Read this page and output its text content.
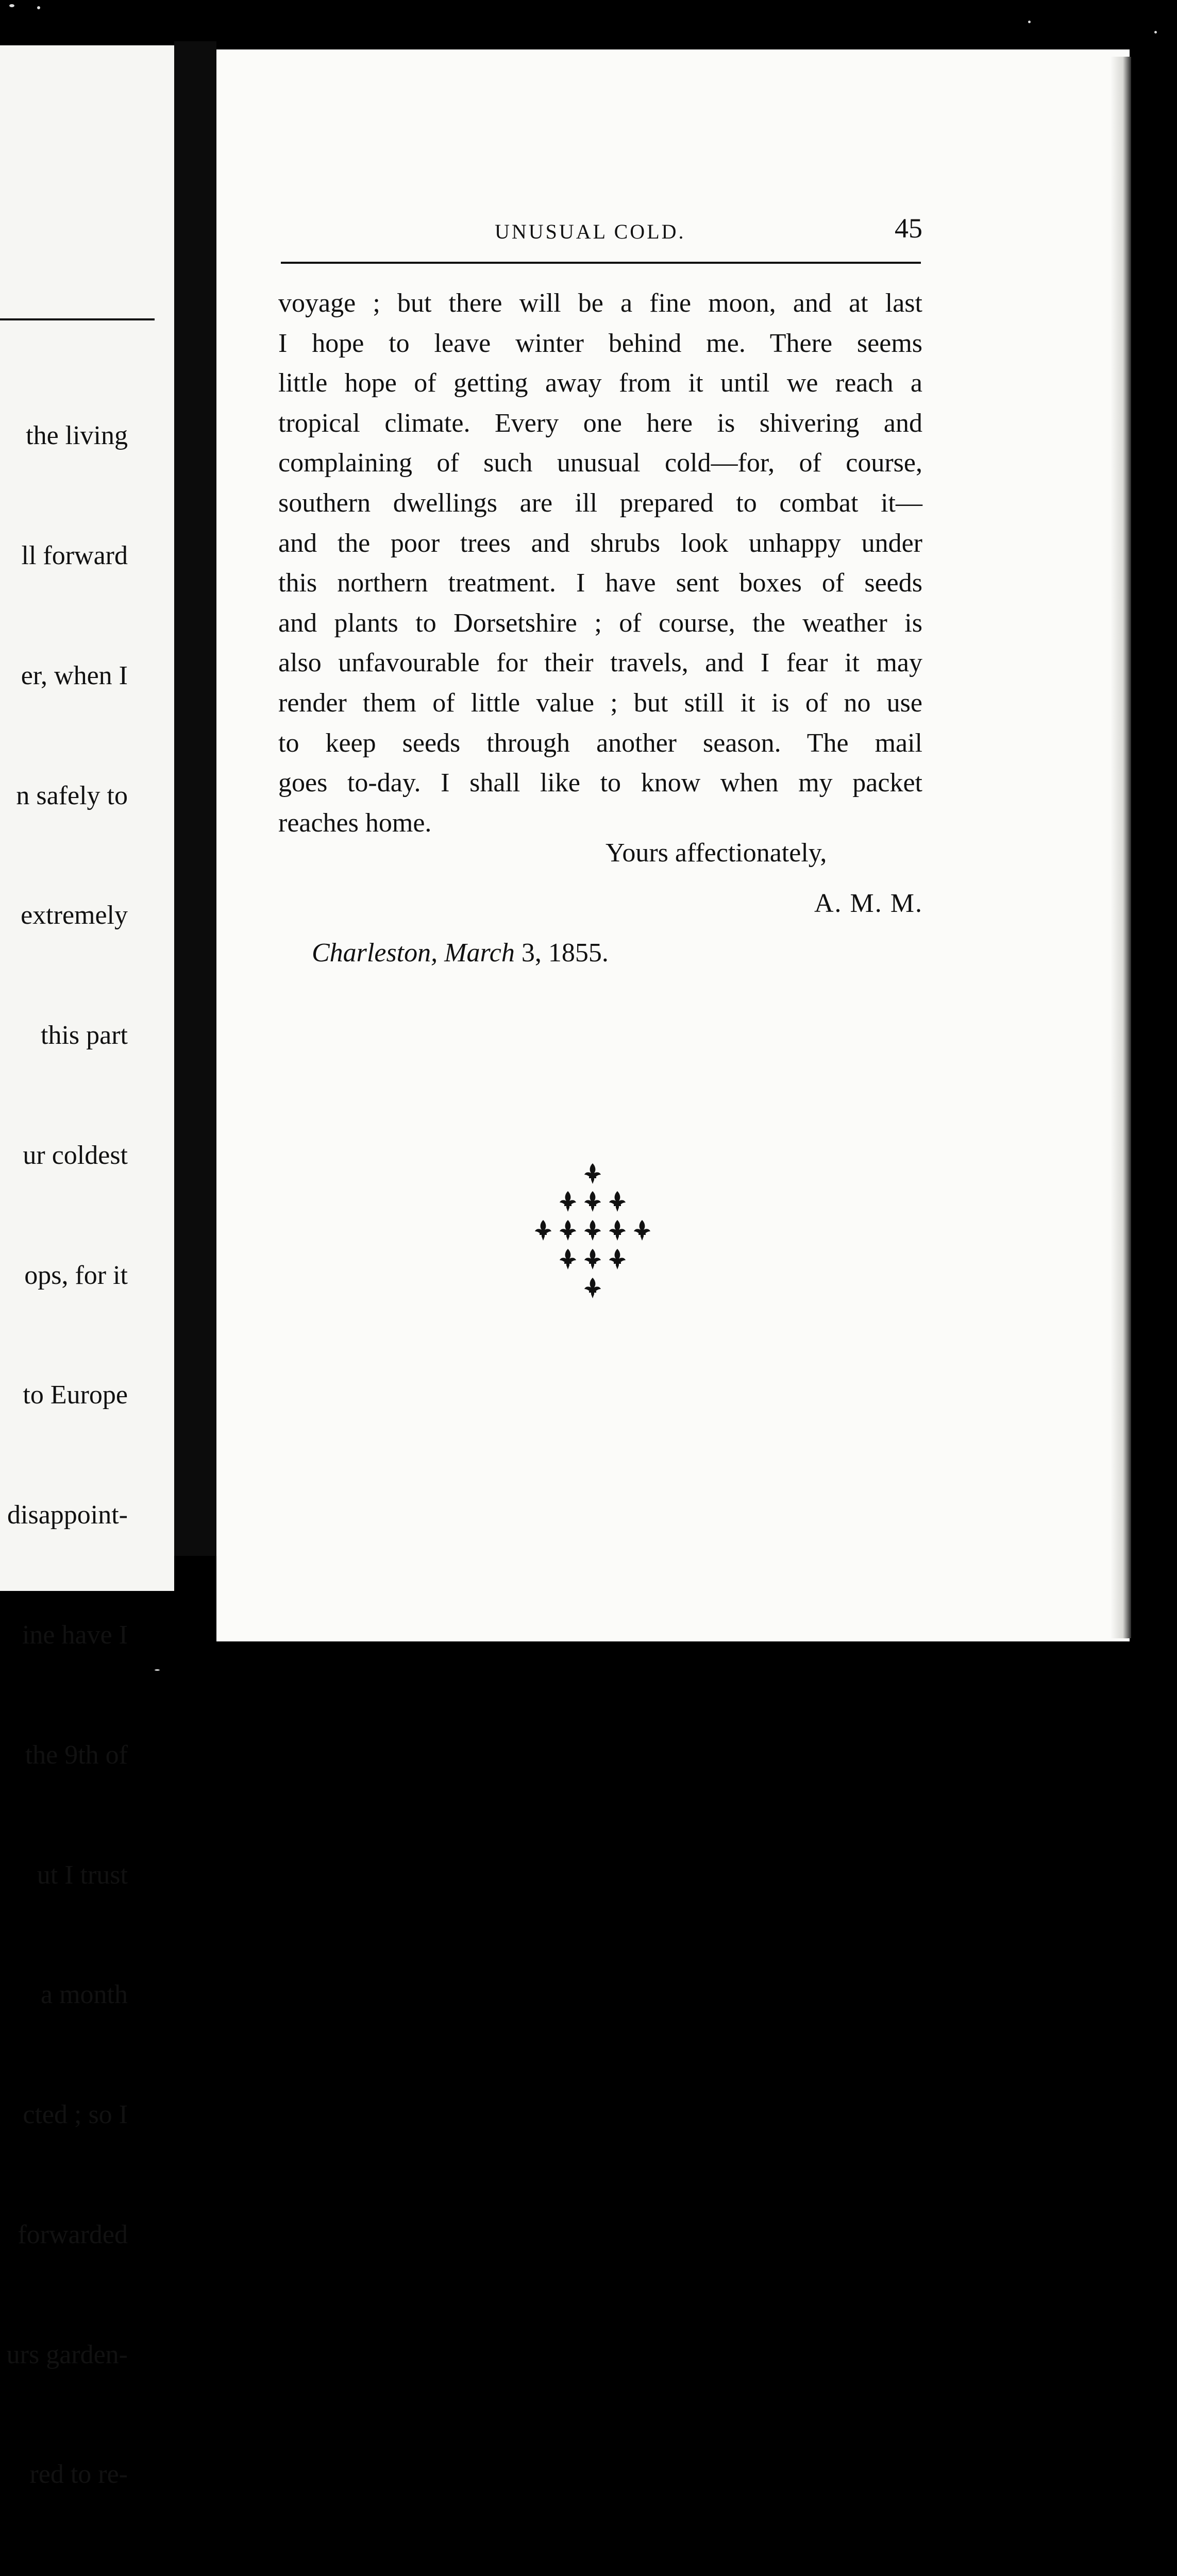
the living

ll forward

er, when I

n safely to

extremely

this part

ur coldest

ops, for it

to Europe

disappoint-

ine have I

the 9th of

ut I trust

a month

cted ; so I

forwarded

urs garden-

red to re-

UNUSUAL COLD.	45
voyage ; but there will be a fine moon, and at last
I hope to leave winter behind me. There seems
little hope of getting away from it until we reach a
tropical climate. Every one here is shivering and
complaining of such unusual cold—for, of course,
southern dwellings are ill prepared to combat it—
and the poor trees and shrubs look unhappy under
this northern treatment. I have sent boxes of seeds
and plants to Dorsetshire ; of course, the weather is
also unfavourable for their travels, and I fear it may
render them of little value ; but still it is of no use
to keep seeds through another season. The mail
goes to-day. I shall like to know when my packet
reaches home.
Yours affectionately,
A. M. M.
Charleston, March 3, 1855.
